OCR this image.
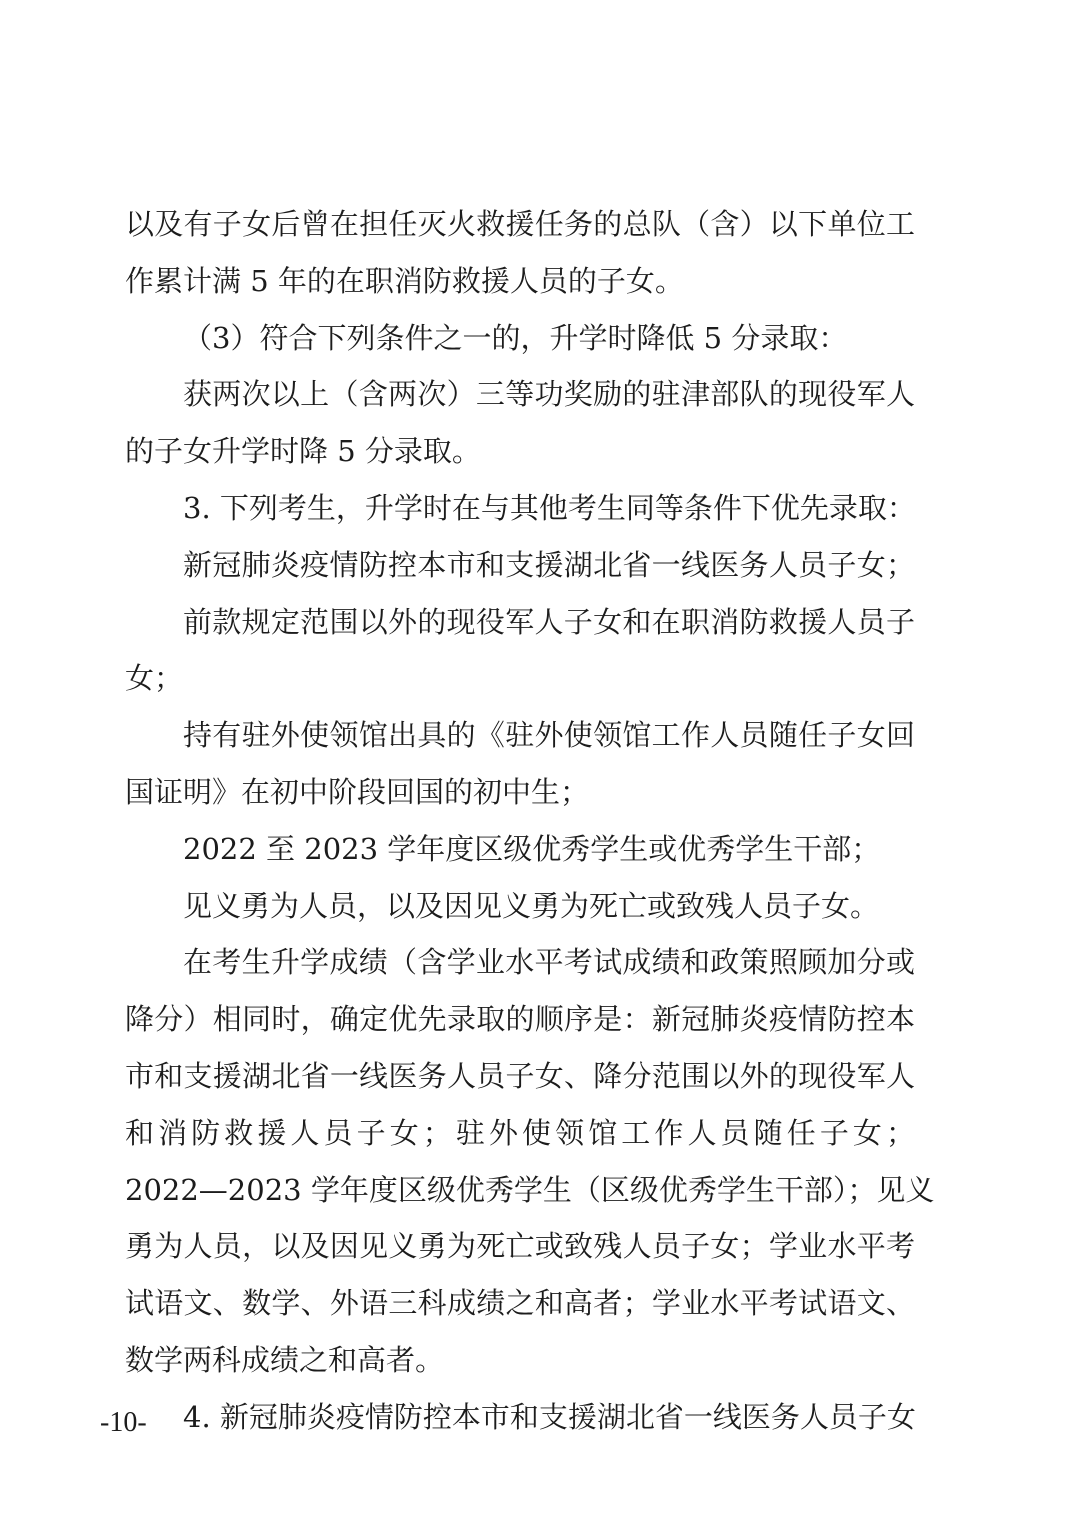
以及有子女后曾在担任灭火救援任务的总队（含）以下单位工
作累计满 5 年的在职消防救援人员的子女。
（3）符合下列条件之一的，升学时降低 5 分录取：
获两次以上（含两次）三等功奖励的驻津部队的现役军人
的子女升学时降 5 分录取。
3. 下列考生，升学时在与其他考生同等条件下优先录取：
新冠肺炎疫情防控本市和支援湖北省一线医务人员子女；
前款规定范围以外的现役军人子女和在职消防救援人员子
女；
持有驻外使领馆出具的《驻外使领馆工作人员随任子女回
国证明》在初中阶段回国的初中生；
2022 至 2023 学年度区级优秀学生或优秀学生干部；
见义勇为人员，以及因见义勇为死亡或致残人员子女。
在考生升学成绩（含学业水平考试成绩和政策照顾加分或
降分）相同时，确定优先录取的顺序是：新冠肺炎疫情防控本
市和支援湖北省一线医务人员子女、降分范围以外的现役军人
和消防救援人员子女；驻外使领馆工作人员随任子女；
2022—2023 学年度区级优秀学生（区级优秀学生干部）；见义
勇为人员，以及因见义勇为死亡或致残人员子女；学业水平考
试语文、数学、外语三科成绩之和高者；学业水平考试语文、
数学两科成绩之和高者。
4. 新冠肺炎疫情防控本市和支援湖北省一线医务人员子女
-10-
